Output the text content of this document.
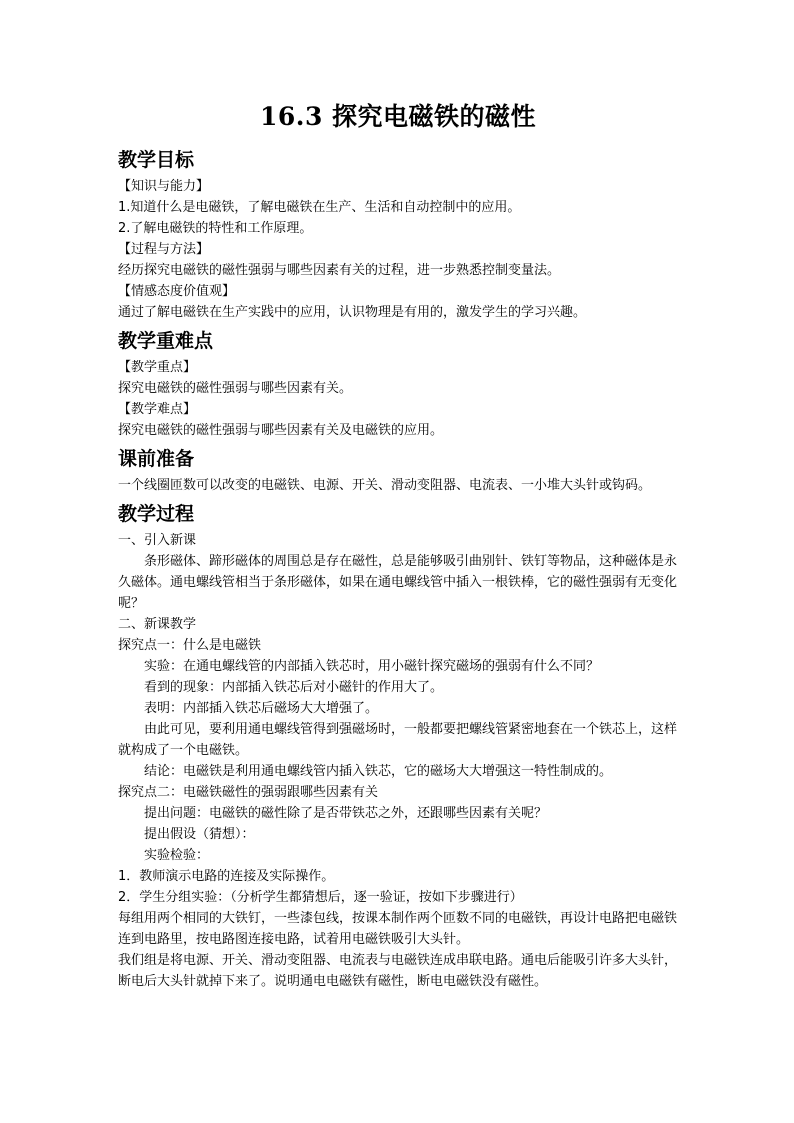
16.3 探究电磁铁的磁性
教学目标

【知识与能力】

1.知道什么是电磁铁，了解电磁铁在生产、生活和自动控制中的应用。

2.了解电磁铁的特性和工作原理。

【过程与方法】

经历探究电磁铁的磁性强弱与哪些因素有关的过程，进一步熟悉控制变量法。

【情感态度价值观】

通过了解电磁铁在生产实践中的应用，认识物理是有用的，激发学生的学习兴趣。

教学重难点

【教学重点】

探究电磁铁的磁性强弱与哪些因素有关。

【教学难点】

探究电磁铁的磁性强弱与哪些因素有关及电磁铁的应用。

课前准备

一个线圈匝数可以改变的电磁铁、电源、开关、滑动变阻器、电流表、一小堆大头针或钩码。

教学过程

一、引入新课

条形磁体、蹄形磁体的周围总是存在磁性，总是能够吸引曲别针、铁钉等物品，这种磁体是永久磁体。通电螺线管相当于条形磁体，如果在通电螺线管中插入一根铁棒，它的磁性强弱有无变化呢？

二、新课教学

探究点一：什么是电磁铁

实验：在通电螺线管的内部插入铁芯时，用小磁针探究磁场的强弱有什么不同？

看到的现象：内部插入铁芯后对小磁针的作用大了。

表明：内部插入铁芯后磁场大大增强了。

由此可见，要利用通电螺线管得到强磁场时，一般都要把螺线管紧密地套在一个铁芯上，这样就构成了一个电磁铁。

结论：电磁铁是利用通电螺线管内插入铁芯，它的磁场大大增强这一特性制成的。

探究点二：电磁铁磁性的强弱跟哪些因素有关

提出问题：电磁铁的磁性除了是否带铁芯之外，还跟哪些因素有关呢？

提出假设（猜想）：

实验检验：

1．教师演示电路的连接及实际操作。

2．学生分组实验：（分析学生都猜想后，逐一验证，按如下步骤进行）

每组用两个相同的大铁钉，一些漆包线，按课本制作两个匝数不同的电磁铁，再设计电路把电磁铁连到电路里，按电路图连接电路，试着用电磁铁吸引大头针。

我们组是将电源、开关、滑动变阻器、电流表与电磁铁连成串联电路。通电后能吸引许多大头针，断电后大头针就掉下来了。说明通电电磁铁有磁性，断电电磁铁没有磁性。
